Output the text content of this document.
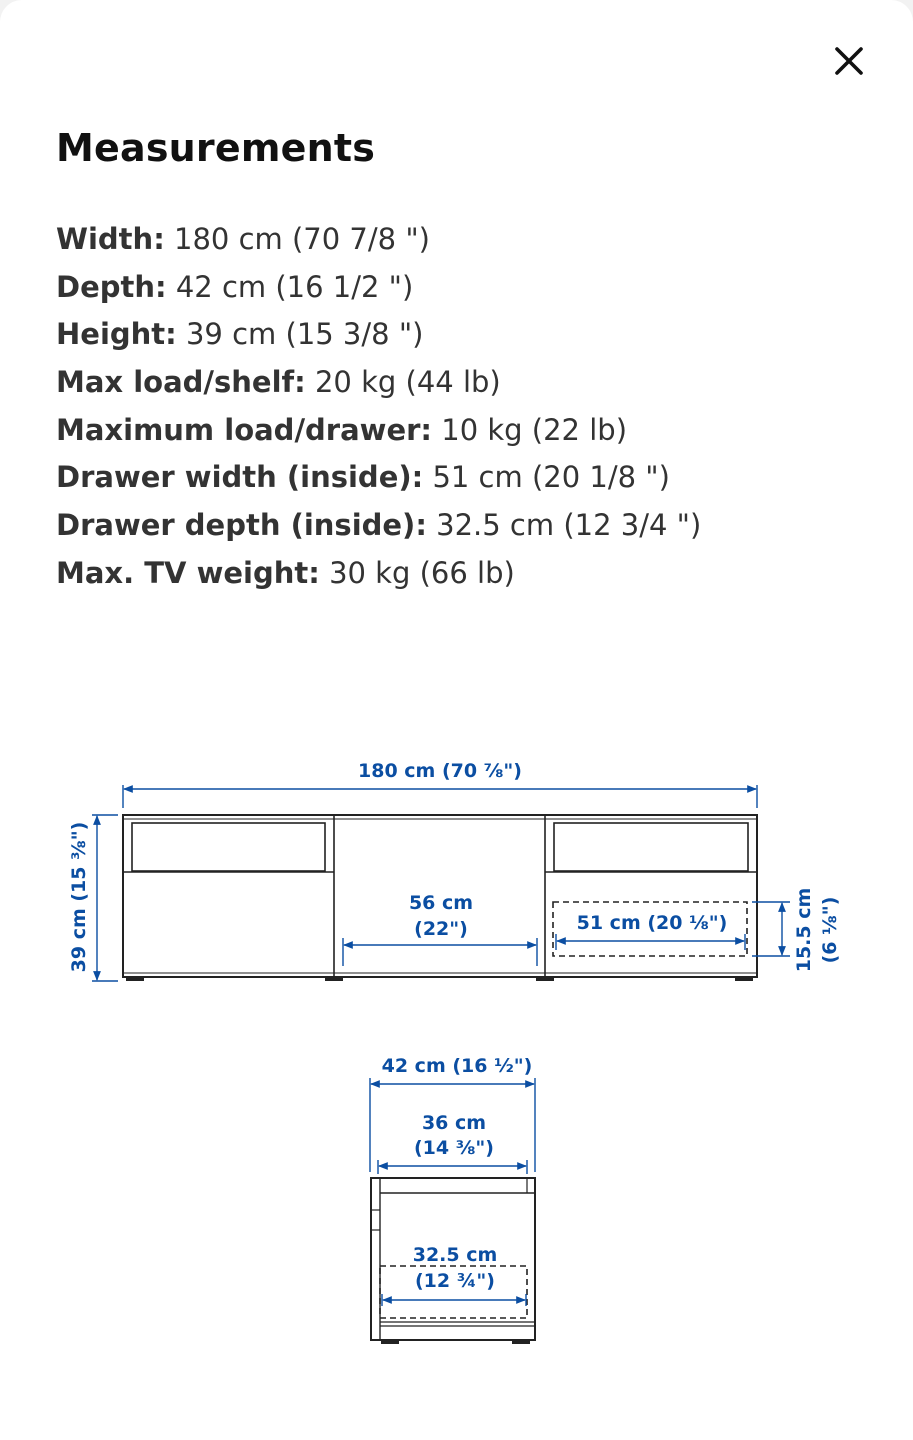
Measurements
Width: 180 cm (70 7/8 ")
Depth: 42 cm (16 1/2 ")
Height: 39 cm (15 3/8 ")
Max load/shelf: 20 kg (44 lb)
Maximum load/drawer: 10 kg (22 lb)
Drawer width (inside): 51 cm (20 1/8 ")
Drawer depth (inside): 32.5 cm (12 3/4 ")
Max. TV weight: 30 kg (66 lb)
180 cm (70 ⅞")
39 cm (15 ⅜")	56 cm
(22")	51 cm (20 ⅛")	15.5 cm (6 ⅛")
42 cm (16 ½")
36 cm
(14 ⅜")
32.5 cm
(12 ¾")
